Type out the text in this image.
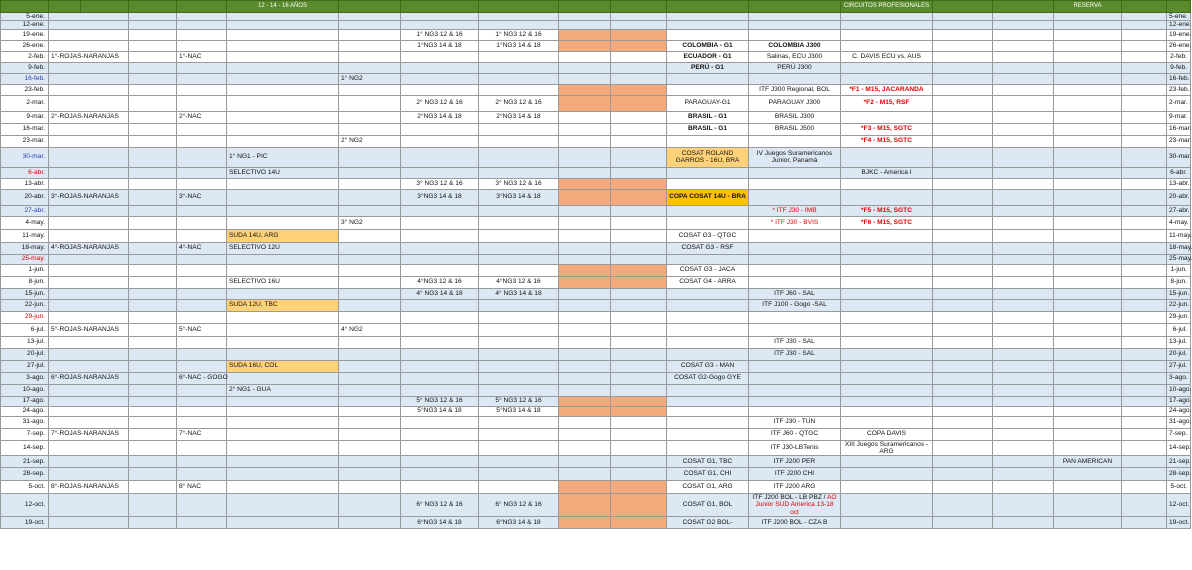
					12 - 14 - 16 AÑOS								CIRCUITOS PROFESIONALES			RESERVA		
5-ene.																		5-ene.
12-ene.																		12-ene.
19-ene.							1° NG3 12 & 16	1° NG3 12 & 16										19-ene.
26-ene.							1°NG3 14 & 18	1°NG3 14 & 18			COLOMBIA - G1	COLOMBIA J300						26-ene.
2-feb.	1°-ROJAS-NARANJAS			1°-NAC							ECUADOR - G1	Salinas, ECU J300	C. DAVIS ECU vs. AUS					2-feb.
9-feb.											PERÚ - G1	PERÚ J300						9-feb.
16-feb.						1° NG2												16-feb.
23-feb.												ITF J300 Regional, BOL	*F1 - M15, JACARANDA					23-feb.
2-mar.							2° NG3 12 & 16	2° NG3 12 & 16			PARAGUAY-G1	PARAGUAY J300	*F2 - M15, RSF					2-mar.
9-mar.	2°-ROJAS-NARANJAS			2°-NAC			2°NG3 14 & 18	2°NG3 14 & 18			BRASIL - G1	BRASIL J300						9-mar.
16-mar.											BRASIL - G1	BRASIL J500	*F3 - M15, SGTC					16-mar.
23-mar.						2° NG2							*F4 - M15, SGTC					23-mar.
30-mar.					1° NG1 - PIC						COSAT ROLAND GARROS - 16U, BRA	IV Juegos Suramericanos Junior, Panamá						30-mar.
6-abr.					SELECTIVO 14U								BJKC - America I					6-abr.
13-abr.							3° NG3 12 & 16	3° NG3 12 & 16										13-abr.
20-abr.	3°-ROJAS-NARANJAS			3°-NAC			3°NG3 14 & 18	3°NG3 14 & 18			COPA COSAT 14U - BRA							20-abr.
27-abr.												* ITF J30 - IMB	*F5 - M15, SGTC					27-abr.
4-may.						3° NG2						* ITF J30 - BVIS	*F6 - M15, SGTC					4-may.
11-may.					SUDA 14U, ARG						COSAT G3 - QTGC							11-may.
18-may.	4°-ROJAS-NARANJAS			4°-NAC	SELECTIVO 12U						COSAT G3 - RSF							18-may.
25-may.																		25-may.
1-jun.											COSAT G3 - JACA							1-jun.
8-jun.					SELECTIVO 16U		4°NG3 12 & 16	4°NG3 12 & 16			COSAT G4 - ARRA							8-jun.
15-jun.							4° NG3 14 & 18	4° NG3 14 & 18				ITF J60 - SAL						15-jun.
22-jun.					SUDA 12U, TBC							ITF J100 - Gogo -SAL						22-jun.
29-jun.																		29-jun.
6-jul.	5°-ROJAS-NARANJAS			5°-NAC		4° NG2												6-jul.
13-jul.												ITF J30 - SAL						13-jul.
20-jul.												ITF J30 - SAL						20-jul.
27-jul.					SUDA 16U, COL						COSAT G3 - MAN							27-jul.
3-ago.	6°-ROJAS-NARANJAS			6°-NAC - GOGO							COSAT G2-Gogo GYE							3-ago.
10-ago.					2° NG1 - GUA													10-ago.
17-ago.							5° NG3 12 & 16	5° NG3 12 & 16										17-ago.
24-ago.							5°NG3 14 & 18	5°NG3 14 & 18										24-ago.
31-ago.												ITF J30 - TUN						31-ago.
7-sep.	7°-ROJAS-NARANJAS			7°-NAC								ITF J60 - QTGC	COPA DAVIS					7-sep.
14-sep.												ITF J30-LBTenis	XIII Juegos Suramericanos - ARG					14-sep.
21-sep.											COSAT G1, TBC	ITF J200 PER				PAN AMERICAN		21-sep.
28-sep.											COSAT G1, CHI	ITF J200 CHI						28-sep.
5-oct.	8°-ROJAS-NARANJAS			8° NAC							COSAT G1, ARG	ITF J200 ARG						5-oct.
12-oct.							6° NG3 12 & 16	6° NG3 12 & 16			COSAT G1, BOL	ITF J200 BOL - LB PBZ / AO Junior SUD America 13-18 oct						12-oct.
19-oct.							6°NG3 14 & 18	6°NG3 14 & 18			COSAT G2 BOL-	ITF J200 BOL - CZA B						19-oct.
